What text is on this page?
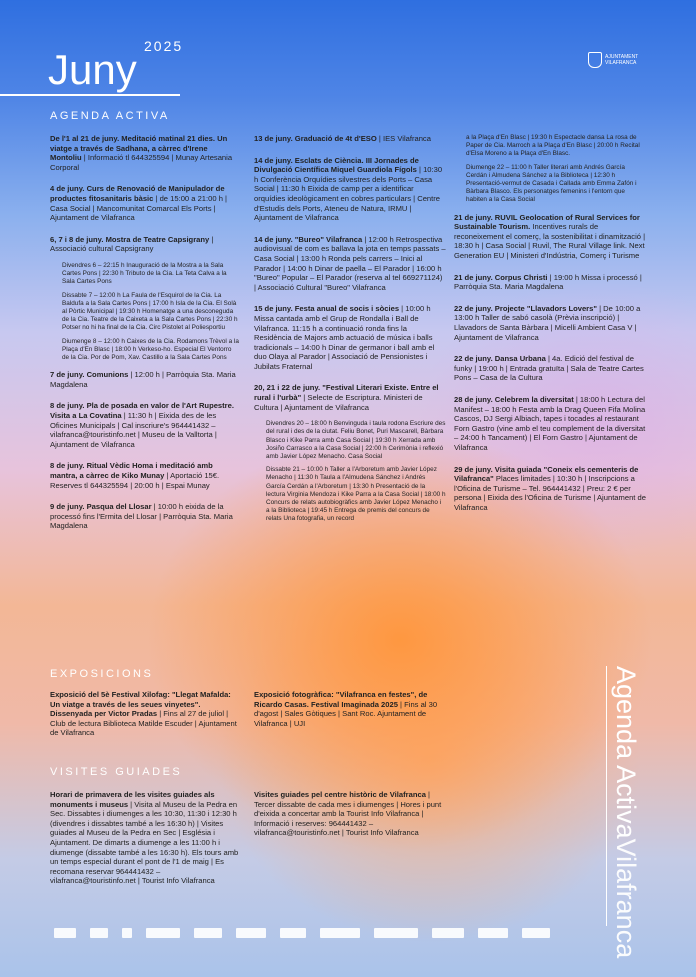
2025
Juny	AJUNTAMENT
VILAFRANCA
AGENDA ACTIVA
De l'1 al 21 de juny. Meditació matinal 21 dies. Un viatge a través de Sadhana, a càrrec d'Irene Montoliu | Informació tl 644325594 | Munay Artesania Corporal
4 de juny. Curs de Renovació de Manipulador de productes fitosanitaris bàsic | de 15:00 a 21:00 h | Casa Social | Mancomunitat Comarcal Els Ports | Ajuntament de Vilafranca
6, 7 i 8 de juny. Mostra de Teatre Capsigrany | Associació cultural Capsigrany

Divendres 6 – 22:15 h Inauguració de la Mostra a la Sala Cartes Pons | 22:30 h Tributo de la Cia. La Teta Calva a la Sala Cartes Pons

Dissabte 7 – 12:00 h La Faula de l'Esquirol de la Cia. La Baldufa a la Sala Cartes Pons | 17:00 h Isla de la Cia. El Solà al Pòrtic Municipal | 19:30 h Homenatge a una desconeguda de la Cia. Teatre de la Caixeta a la Sala Cartes Pons | 22:30 h Potser no hi ha final de la Cia. Circ Pistolet al Poliesportiu

Diumenge 8 – 12:00 h Caixes de la Cia. Rodamons Trèvol a la Plaça d'En Blasc | 18:00 h Verkeso-ho. Especial El Ventorro de la Cia. Por de Pom, Xav. Castillo a la Sala Cartes Pons

7 de juny. Comunions | 12:00 h | Parròquia Sta. Maria Magdalena
8 de juny. Pla de posada en valor de l'Art Rupestre. Visita a La Covatina | 11:30 h | Eixida des de les Oficines Municipals | Cal inscriure's 964441432 – vilafranca@touristinfo.net | Museu de la Valltorta | Ajuntament de Vilafranca
8 de juny. Ritual Vèdic Homa i meditació amb mantra, a càrrec de Kiko Munay | Aportació 15€. Reserves tl 644325594 | 20:00 h | Espai Munay
9 de juny. Pasqua del Llosar | 10:00 h eixida de la processó fins l'Ermita del Llosar | Parròquia Sta. Maria Magdalena
13 de juny. Graduació de 4t d'ESO | IES Vilafranca
14 de juny. Esclats de Ciència. III Jornades de Divulgació Científica Miquel Guardiola Fígols | 10:30 h Conferència Orquídies silvestres dels Ports – Casa Social | 11:30 h Eixida de camp per a identificar orquídies ideològicament en cobres particulars | Centre d'Estudis dels Ports, Ateneu de Natura, IRMU | Ajuntament de Vilafranca
14 de juny. "Bureo" Vilafranca | 12:00 h Retrospectiva audiovisual de com es ballava la jota en temps passats – Casa Social | 13:00 h Ronda pels carrers – Inici al Parador | 14:00 h Dinar de paella – El Parador | 16:00 h "Bureo" Popular – El Parador (reserva al tel 669271124) | Associació Cultural "Bureo" Vilafranca
15 de juny. Festa anual de socis i sòcies | 10:00 h Missa cantada amb el Grup de Rondalla i Ball de Vilafranca. 11:15 h a continuació ronda fins la Residència de Majors amb actuació de música i balls tradicionals – 14:00 h Dinar de germanor i ball amb el duo Olaya al Parador | Associació de Pensionistes i Jubilats Fraternal
20, 21 i 22 de juny. "Festival Literari Existe. Entre el rural i l'urbà" | Selecte de Escriptura. Ministeri de Cultura | Ajuntament de Vilafranca

Divendres 20 – 18:00 h Benvinguda i taula rodona Escriure des del rural i des de la ciutat. Feliu Bonet, Puri Mascarell, Bàrbara Blasco i Kike Parra amb Casa Social | 19:30 h Xerrada amb Josiño Carrasco a la Casa Social | 22:00 h Cerimònia i reflexió amb Javier López Menacho. Casa Social

Dissabte 21 – 10:00 h Taller a l'Arboretum amb Javier López Menacho | 11:30 h Taula a l'Almudena Sánchez i Andrés García Cerdán a l'Arboretum | 13:30 h Presentació de la lectura Virginia Mendoza i Kike Parra a la Casa Social | 18:00 h Concurs de relats autobiogràfics amb Javier López Menacho i a la Biblioteca | 19:45 h Entrega de premis del concurs de relats Una fotografia, un record

a la Plaça d'En Blasc | 19:30 h Espectacle dansa La rosa de Paper de Cia. Marroch a la Plaça d'En Blasc | 20:00 h Recital d'Elsa Moreno a la Plaça d'En Blasc.

Diumenge 22 – 11:00 h Taller literari amb Andrés García Cerdán i Almudena Sánchez a la Biblioteca | 12:30 h Presentació-vermut de Casada i Callada amb Emma Zafón i Bàrbara Blasco. Els personatges femenins i l'entorn que habiten a la Casa Social

21 de juny. RUVIL Geolocation of Rural Services for Sustainable Tourism. Incentives rurals de reconeixement el comerç, la sostenibilitat i dinamització | 18:30 h | Casa Social | Ruvil, The Rural Village link. Next Generation EU | Ministeri d'Indústria, Comerç i Turisme
21 de juny. Corpus Christi | 19:00 h Missa i processó | Parròquia Sta. Maria Magdalena
22 de juny. Projecte "Llavadors Lovers" | De 10:00 a 13:00 h Taller de sabó casolà (Prèvia inscripció) | Llavadors de Santa Bàrbara | Micelli Ambient Casa V | Ajuntament de Vilafranca
22 de juny. Dansa Urbana | 4a. Edició del festival de funky | 19:00 h | Entrada gratuïta | Sala de Teatre Cartes Pons – Casa de la Cultura
28 de juny. Celebrem la diversitat | 18:00 h Lectura del Manifest – 18:00 h Festa amb la Drag Queen Fifa Molina Cascos, DJ Sergi Albiach, tapes i tocades al restaurant Forn Gastro (vine amb el teu complement de la diversitat – 24:00 h Tancament) | El Forn Gastro | Ajuntament de Vilafranca
29 de juny. Visita guiada "Coneix els cementeris de Vilafranca" Places limitades | 10:30 h | Inscripcions a l'Oficina de Turisme – Tel. 964441432 | Preu: 2 € per persona | Eixida des l'Oficina de Turisme | Ajuntament de Vilafranca
EXPOSICIONS
Exposició del 5è Festival Xilofag: "Llegat Mafalda: Un viatge a través de les seues vinyetes". Dissenyada per Victor Pradas | Fins al 27 de juliol | Club de lectura Biblioteca Matilde Escuder | Ajuntament de Vilafranca
Exposició fotogràfica: "Vilafranca en festes", de Ricardo Casas. Festival Imaginada 2025 | Fins al 30 d'agost | Sales Gòtiques | Sant Roc. Ajuntament de Vilafranca | UJI
VISITES GUIADES
Horari de primavera de les visites guiades als monuments i museus | Visita al Museu de la Pedra en Sec. Dissabtes i diumenges a les 10:30, 11:30 i 12:30 h (divendres i dissabtes també a les 16:30 h) | Visites guiades al Museu de la Pedra en Sec | Església i Ajuntament. De dimarts a diumenge a les 11:00 h i diumenge (dissabte també a les 16:30 h). Els tours amb un temps especial durant el pont de l'1 de maig | Es recomana reservar 964441432 – vilafranca@touristinfo.net | Tourist Info Vilafranca
Visites guiades pel centre històric de Vilafranca | Tercer dissabte de cada mes i diumenges | Hores i punt d'eixida a concertar amb la Tourist Info Vilafranca | Informació i reserves: 964441432 – vilafranca@touristinfo.net | Tourist Info Vilafranca	Agenda ActivaVilafranca
